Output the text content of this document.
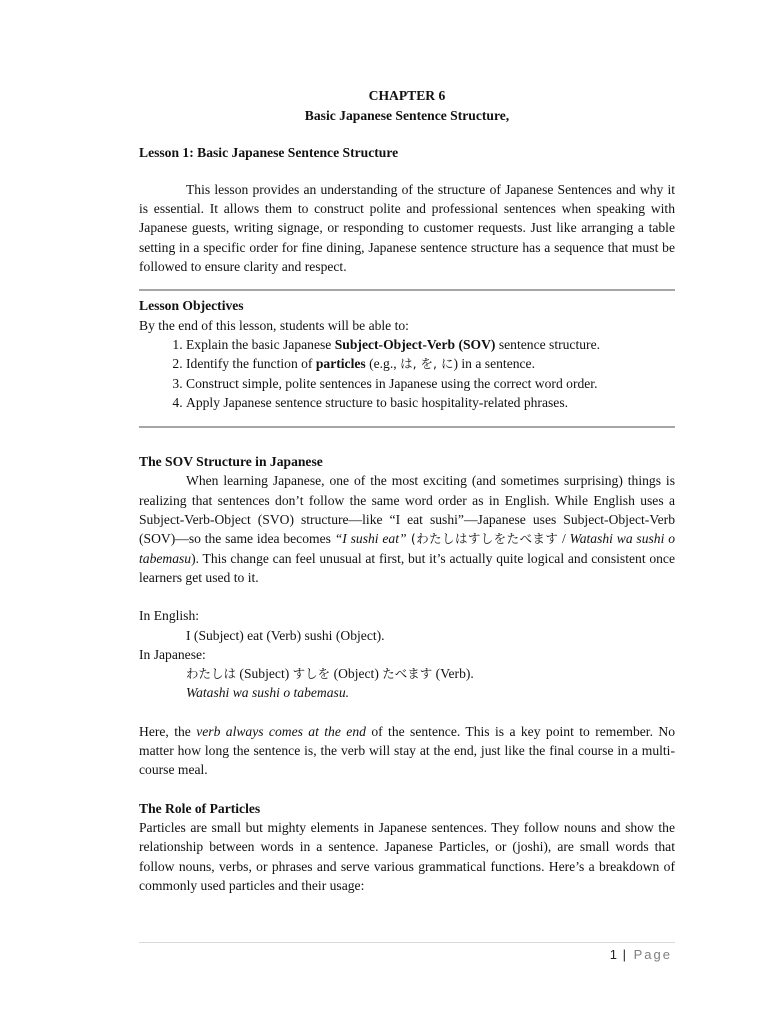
CHAPTER 6

Basic Japanese Sentence Structure,

Lesson 1: Basic Japanese Sentence Structure

This lesson provides an understanding of the structure of Japanese Sentences and why it is essential. It allows them to construct polite and professional sentences when speaking with Japanese guests, writing signage, or responding to customer requests. Just like arranging a table setting in a specific order for fine dining, Japanese sentence structure has a sequence that must be followed to ensure clarity and respect.

Lesson Objectives

By the end of this lesson, students will be able to:

1. Explain the basic Japanese Subject-Object-Verb (SOV) sentence structure.
2. Identify the function of particles (e.g., は, を, に) in a sentence.
3. Construct simple, polite sentences in Japanese using the correct word order.
4. Apply Japanese sentence structure to basic hospitality-related phrases.

The SOV Structure in Japanese

When learning Japanese, one of the most exciting (and sometimes surprising) things is realizing that sentences don’t follow the same word order as in English. While English uses a Subject-Verb-Object (SVO) structure—like “I eat sushi”—Japanese uses Subject-Object-Verb (SOV)—so the same idea becomes “I sushi eat” (わたしはすしをたべます / Watashi wa sushi o tabemasu). This change can feel unusual at first, but it’s actually quite logical and consistent once learners get used to it.

In English:

I (Subject) eat (Verb) sushi (Object).

In Japanese:

わたしは (Subject) すしを (Object) たべます (Verb).

Watashi wa sushi o tabemasu.

Here, the verb always comes at the end of the sentence. This is a key point to remember. No matter how long the sentence is, the verb will stay at the end, just like the final course in a multi-course meal.

The Role of Particles

Particles are small but mighty elements in Japanese sentences. They follow nouns and show the relationship between words in a sentence. Japanese Particles, or (joshi), are small words that follow nouns, verbs, or phrases and serve various grammatical functions. Here’s a breakdown of commonly used particles and their usage:

1 | Page
